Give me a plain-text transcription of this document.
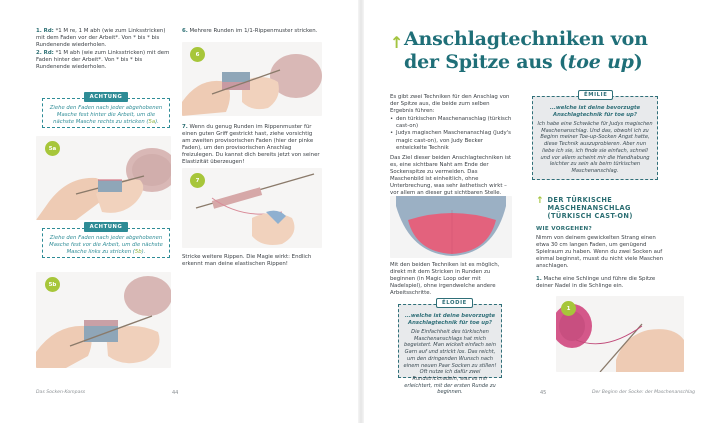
1. Rd: *1 M re, 1 M abh (wie zum Linksstricken) mit dem Faden vor der Arbeit*. Von * bis * bis Rundenende wiederholen.

2. Rd: *1 M abh (wie zum Linksstricken) mit dem Faden hinter der Arbeit*. Von * bis * bis Rundenende wiederholen.

Ziehe den Faden nach jeder abgehobenen Masche fest hinter die Arbeit, um die nächste Masche rechts zu stricken (5a).
ACHTUNG
5a
Ziehe den Faden nach jeder abgehobenen Masche fest vor die Arbeit, um die nächste Masche links zu stricken (5b).
ACHTUNG
5b
6. Mehrere Runden im 1/1-Rippenmuster stricken.
6
7. Wenn du genug Runden im Rippenmuster für einen guten Griff gestrickt hast, ziehe vorsichtig am zweiten provisorischen Faden (hier der pinke Faden), um den provisorischen Anschlag freizulegen. Du kannst dich bereits jetzt von seiner Elastizität überzeugen!
7
Stricke weitere Rippen. Die Magie wirkt: Endlich erkennt man deine elastischen Rippen!
Das Socken-Kompass	44
↑ Anschlagtechniken von
der Spitze aus (toe up)

Es gibt zwei Techniken für den Anschlag von der Spitze aus, die beide zum selben Ergebnis führen:

• den türkischen Maschenanschlag (türkisch cast-on)
• Judys magischen Maschenanschlag (Judy's magic cast-on), von Judy Becker entwickelte Technik

Das Ziel dieser beiden Anschlagtechniken ist es, eine sichtbare Naht am Ende der Sockenspitze zu vermeiden. Das Maschenbild ist einheitlich, ohne Unterbrechung, was sehr ästhetisch wirkt – vor allem an dieser gut sichtbaren Stelle.

Mit den beiden Techniken ist es möglich, direkt mit dem Stricken in Runden zu beginnen (in Magic Loop oder mit Nadelspiel), ohne irgendwelche andere Arbeitsschritte.
...welche ist deine bevorzugte Anschlagtechnik für toe up?
Die Einfachheit des türkischen Maschenanschlags hat mich begeistert. Man wickelt einfach sein Garn auf und strickt los. Das reicht, um den dringenden Wunsch nach einem neuen Paar Socken zu stillen! Oft nutze ich dafür zwei Rundstricknadeln, was es mir erleichtert, mit der ersten Runde zu beginnen.
ÉLODIE
...welche ist deine bevorzugte Anschlagtechnik für toe up?
Ich habe eine Schwäche für Judys magischen Maschenanschlag. Und das, obwohl ich zu Beginn meiner Toe-up-Socken Angst hatte, diese Technik auszuprobieren. Aber nun liebe ich sie, ich finde sie einfach, schnell und vor allem scheint mir die Handhabung leichter zu sein als beim türkischen Maschenanschlag.
ÉMILIE
↑ DER TÜRKISCHE MASCHENANSCHLAG (TÜRKISCH CAST-ON)
WIE VORGEHEN?
Nimm von deinem gewickelten Strang einen etwa 30 cm langen Faden, um genügend Spielraum zu haben. Wenn du zwei Socken auf einmal beginnst, musst du nicht viele Maschen anschlagen.
1. Mache eine Schlinge und führe die Spitze deiner Nadel in die Schlinge ein.
1
45	Der Beginn der Socke: der Maschenanschlag
